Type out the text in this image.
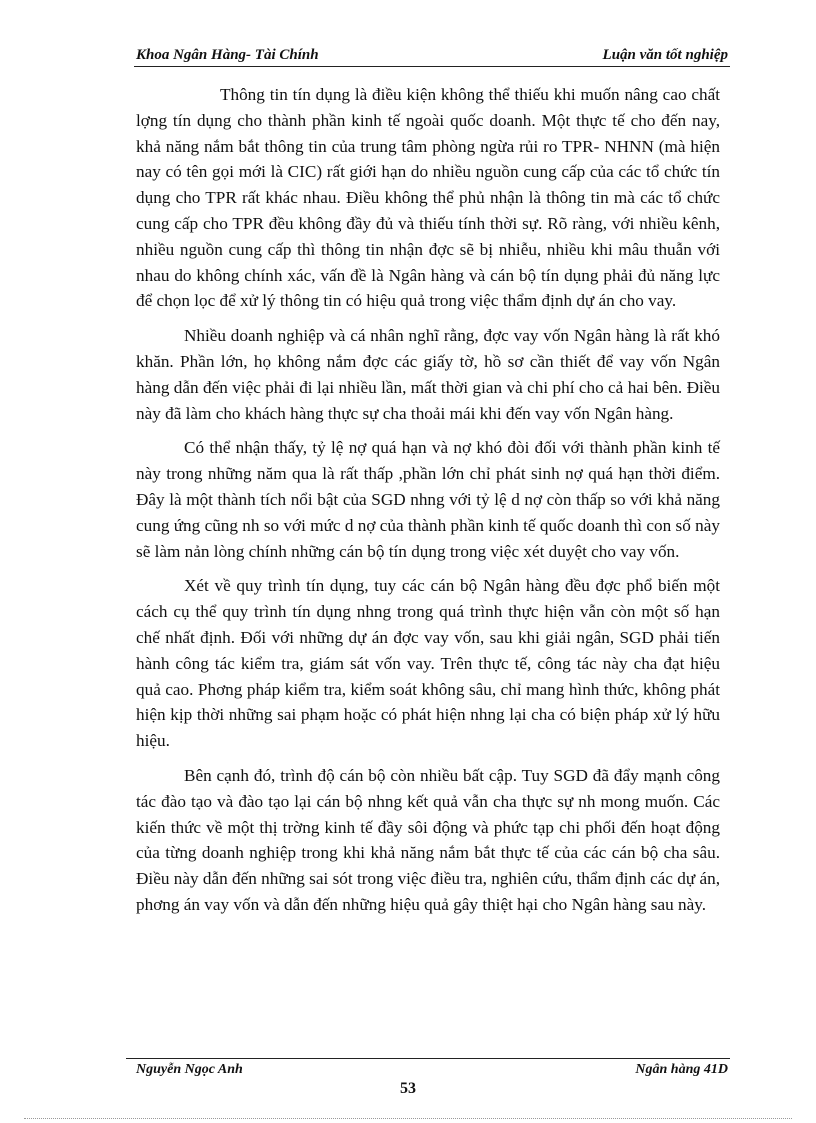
Khoa Ngân Hàng- Tài Chính	Luận văn tốt nghiệp

Thông tin tín dụng là điều kiện không thể thiếu khi muốn nâng cao chất lợng tín dụng cho thành phần kinh tế ngoài quốc doanh. Một thực tế cho đến nay, khả năng nắm bắt thông tin của trung tâm phòng ngừa rủi ro TPR- NHNN (mà hiện nay có tên gọi mới là CIC) rất giới hạn do nhiều nguồn cung cấp của các tổ chức tín dụng cho TPR rất khác nhau. Điều không thể phủ nhận là thông tin mà các tổ chức cung cấp cho TPR đều không đầy đủ và thiếu tính thời sự. Rõ ràng, với nhiều kênh, nhiều nguồn cung cấp thì thông tin nhận đợc sẽ bị nhiễu, nhiều khi mâu thuẫn với nhau do không chính xác, vấn đề là Ngân hàng và cán bộ tín dụng phải đủ năng lực để chọn lọc để xử lý thông tin có hiệu quả trong việc thẩm định dự án cho vay.

Nhiều doanh nghiệp và cá nhân nghĩ rằng, đợc vay vốn Ngân hàng là rất khó khăn. Phần lớn, họ không nắm đợc các giấy tờ, hồ sơ cần thiết để vay vốn Ngân hàng dẫn đến việc phải đi lại nhiều lần, mất thời gian và chi phí cho cả hai bên. Điều này đã làm cho khách hàng thực sự cha thoải mái khi đến vay vốn Ngân hàng.

Có thể nhận thấy, tỷ lệ nợ quá hạn và nợ khó đòi đối với thành phần kinh tế này trong những năm qua là rất thấp ,phần lớn chỉ phát sinh nợ quá hạn thời điểm. Đây là một thành tích nổi bật của SGD nhng với tỷ lệ d nợ còn thấp so với khả năng cung ứng cũng nh so với mức d nợ của thành phần kinh tế quốc doanh thì con số này sẽ làm nản lòng chính những cán bộ tín dụng trong việc xét duyệt cho vay vốn.

Xét về quy trình tín dụng, tuy các cán bộ Ngân hàng đều đợc phổ biến một cách cụ thể quy trình tín dụng nhng trong quá trình thực hiện vẫn còn một số hạn chế nhất định. Đối với những dự án đợc vay vốn, sau khi giải ngân, SGD phải tiến hành công tác kiểm tra, giám sát vốn vay. Trên thực tế, công tác này cha đạt hiệu quả cao. Phơng pháp kiểm tra, kiểm soát không sâu, chỉ mang hình thức, không phát hiện kịp thời những sai phạm hoặc có phát hiện nhng lại cha có biện pháp xử lý hữu hiệu.

Bên cạnh đó, trình độ cán bộ còn nhiều bất cập. Tuy SGD đã đẩy mạnh công tác đào tạo và đào tạo lại cán bộ nhng kết quả vẫn cha thực sự nh mong muốn. Các kiến thức về một thị trờng kinh tế đầy sôi động và phức tạp chi phối đến hoạt động của từng doanh nghiệp trong khi khả năng nắm bắt thực tế của các cán bộ cha sâu. Điều này dẫn đến những sai sót trong việc điều tra, nghiên cứu, thẩm định các dự án, phơng án vay vốn và dẫn đến những hiệu quả gây thiệt hại cho Ngân hàng sau này.

Nguyễn Ngọc Anh	Ngân hàng 41D
53
